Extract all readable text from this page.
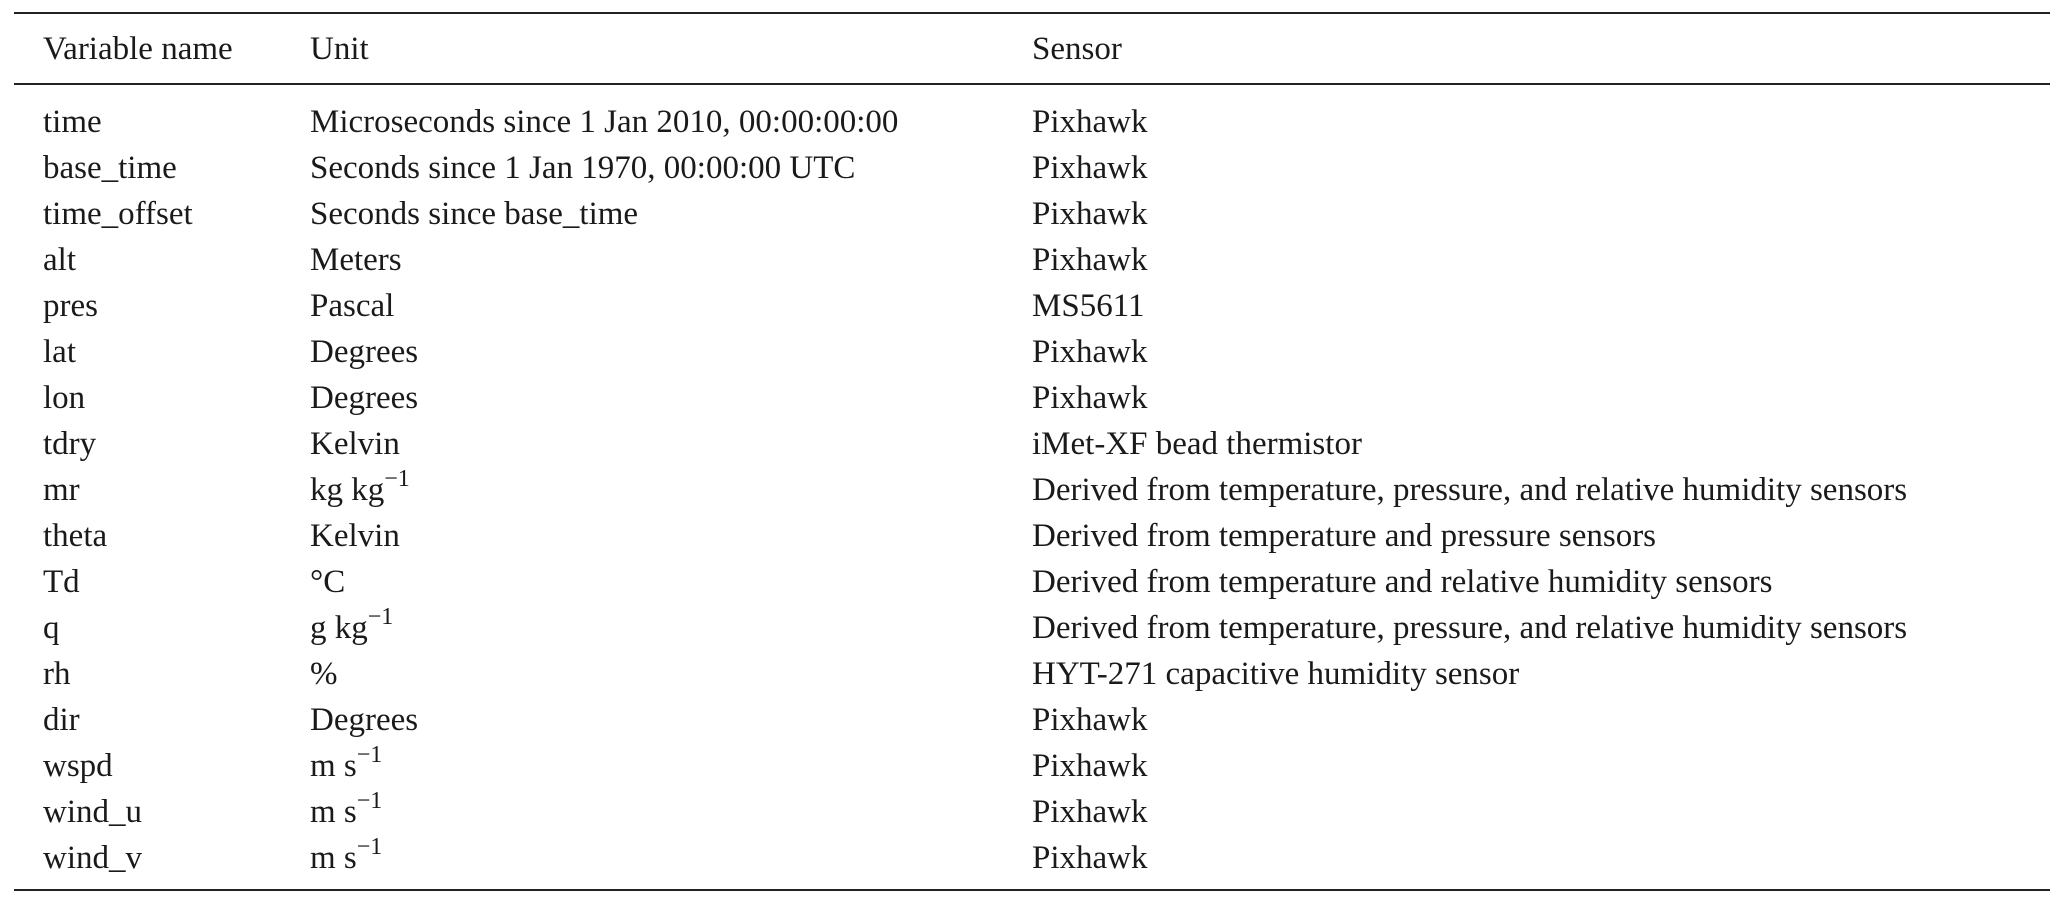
Variable name	Unit	Sensor
time	Microseconds since 1 Jan 2010, 00:00:00:00	Pixhawk
base_time	Seconds since 1 Jan 1970, 00:00:00 UTC	Pixhawk
time_offset	Seconds since base_time	Pixhawk
alt	Meters	Pixhawk
pres	Pascal	MS5611
lat	Degrees	Pixhawk
lon	Degrees	Pixhawk
tdry	Kelvin	iMet-XF bead thermistor
mr	kg $kg^{-1}$	Derived from temperature, pressure, and relative humidity sensors
theta	Kelvin	Derived from temperature and pressure sensors
Td	°C	Derived from temperature and relative humidity sensors
q	g $kg^{-1}$	Derived from temperature, pressure, and relative humidity sensors
rh	%	HYT-271 capacitive humidity sensor
dir	Degrees	Pixhawk
wspd	m $s^{-1}$	Pixhawk
wind_u	m $s^{-1}$	Pixhawk
wind_v	m $s^{-1}$	Pixhawk
